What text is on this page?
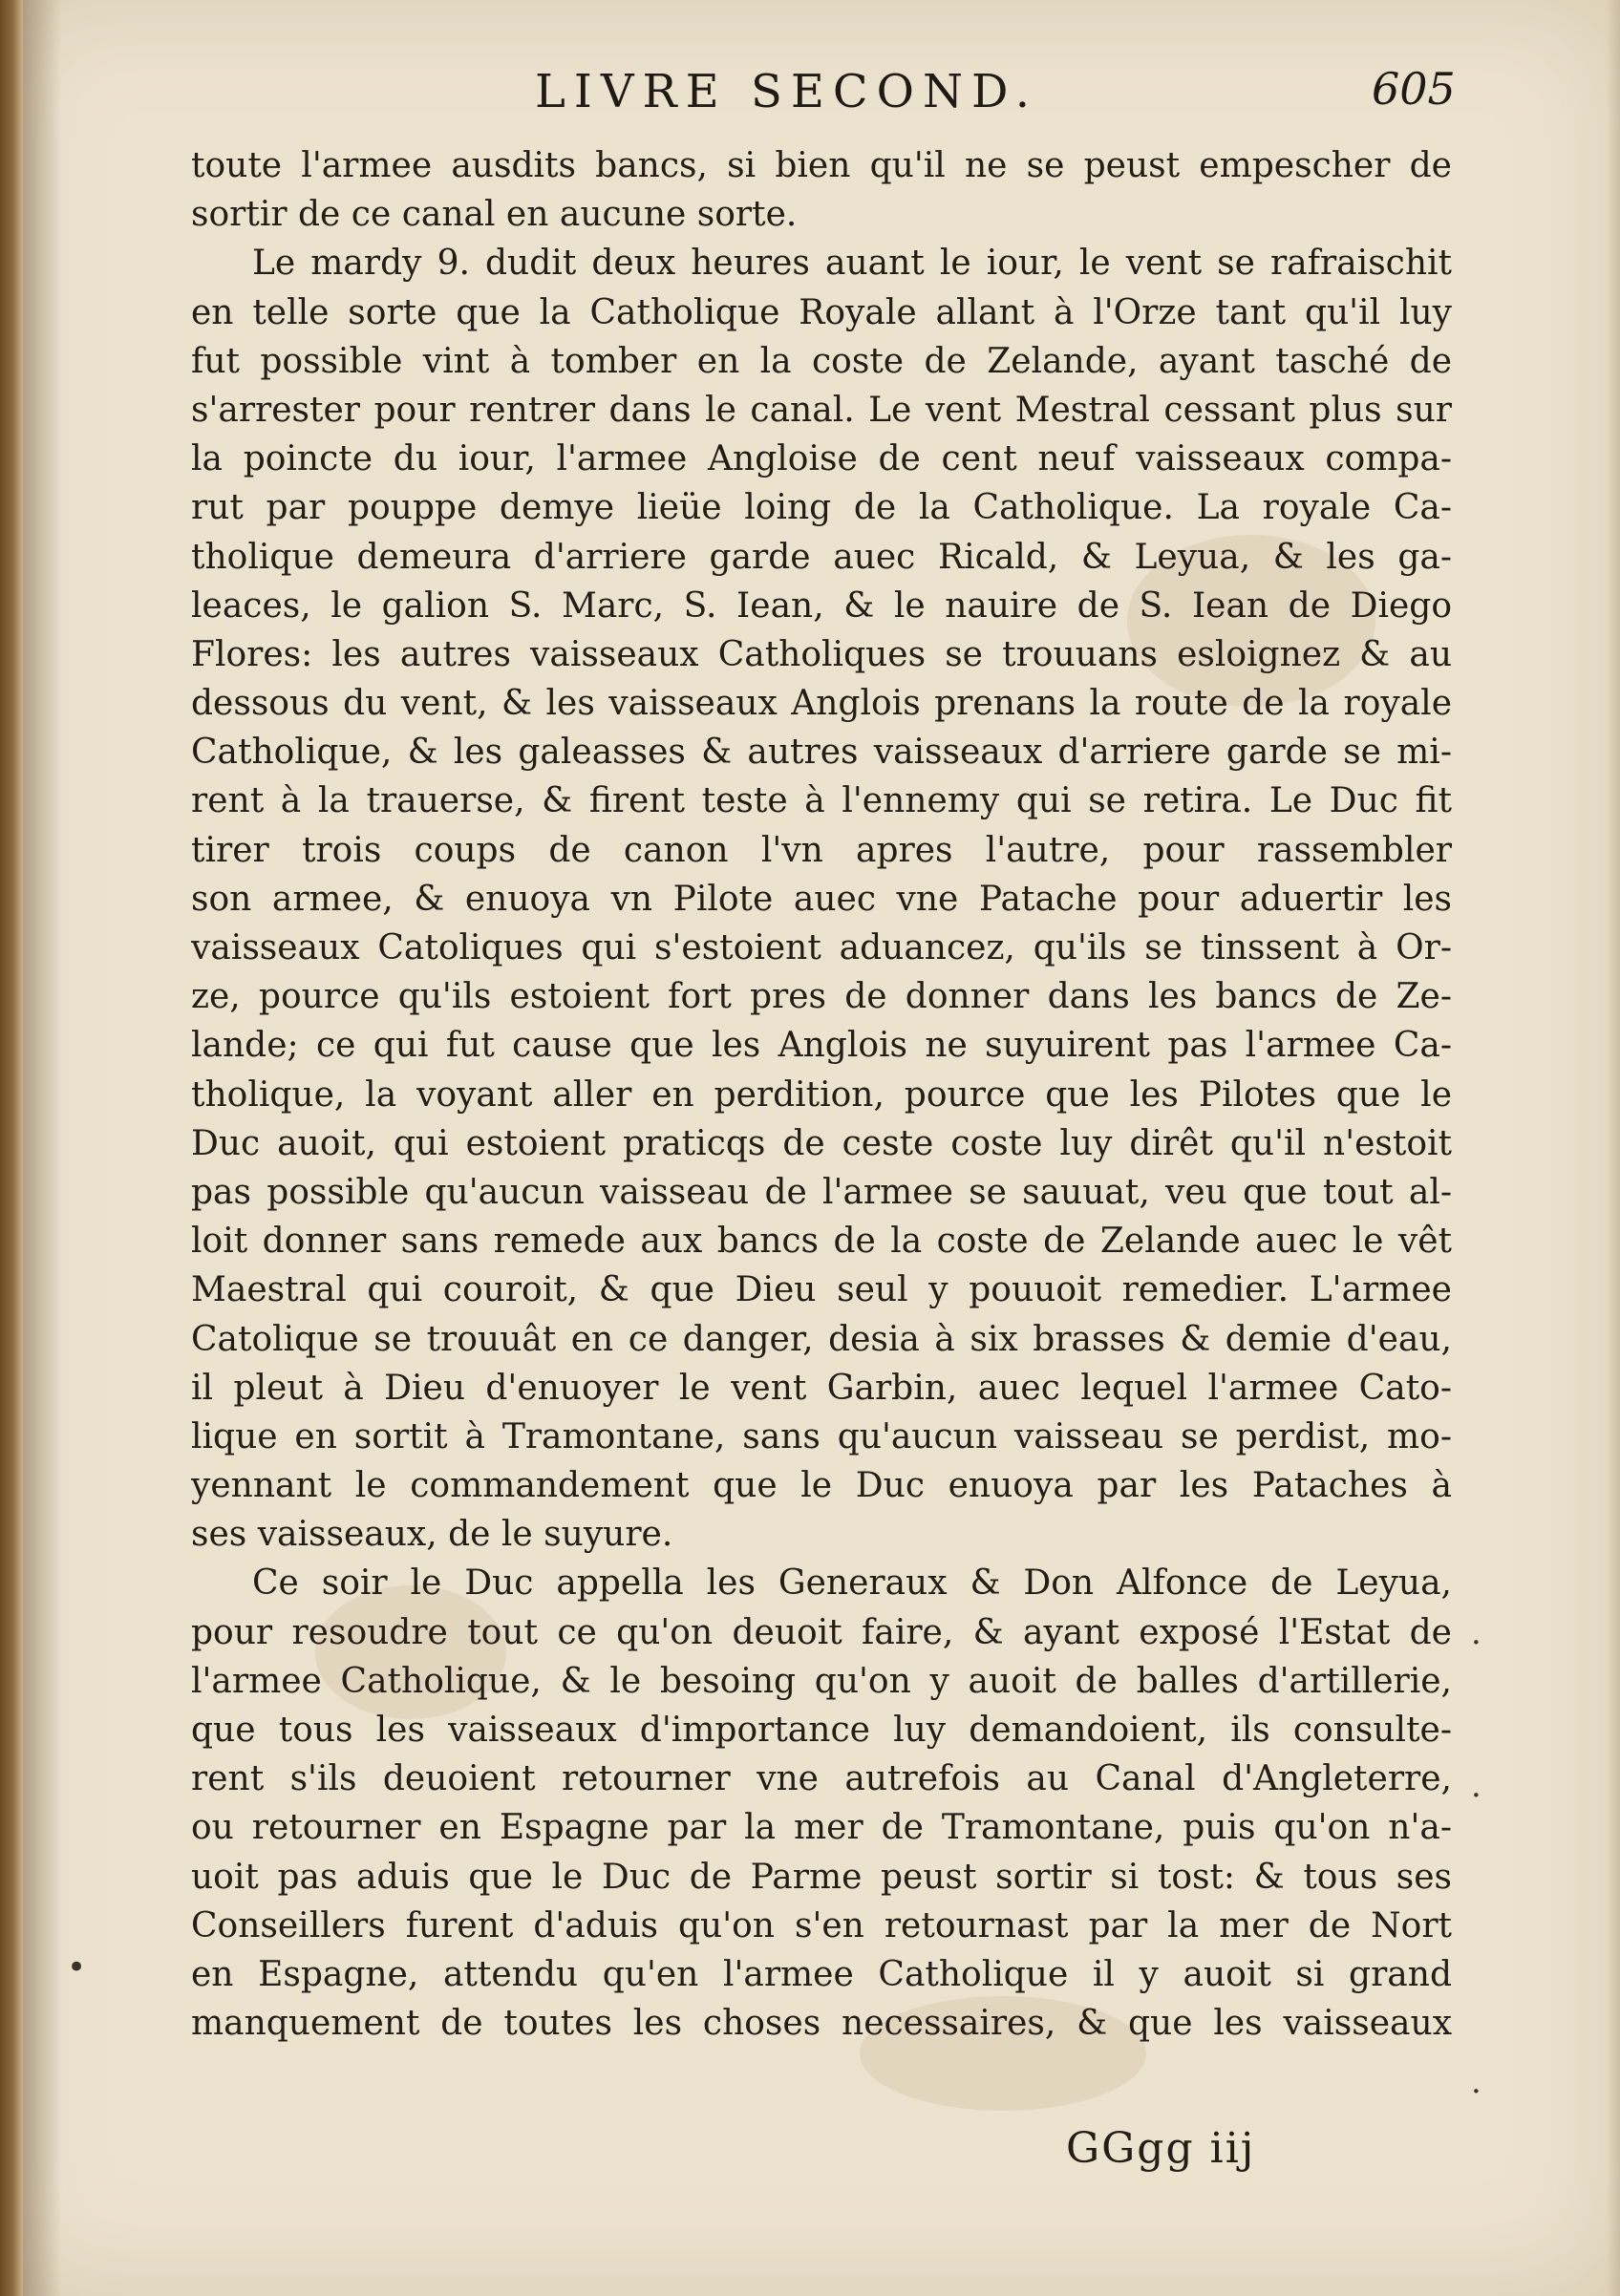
LIVRE SECOND.	605
toute l'armee ausdits bancs, si bien qu'il ne se peust empescher de
sortir de ce canal en aucune sorte.
Le mardy 9. dudit deux heures auant le iour, le vent se rafraischit
en telle sorte que la Catholique Royale allant à l'Orze tant qu'il luy
fut possible vint à tomber en la coste de Zelande, ayant tasché de
s'arrester pour rentrer dans le canal. Le vent Mestral cessant plus sur
la poincte du iour, l'armee Angloise de cent neuf vaisseaux compa-
rut par pouppe demye lieüe loing de la Catholique. La royale Ca-
tholique demeura d'arriere garde auec Ricald, & Leyua, & les ga-
leaces, le galion S. Marc, S. Iean, & le nauire de S. Iean de Diego
Flores: les autres vaisseaux Catholiques se trouuans esloignez & au
dessous du vent, & les vaisseaux Anglois prenans la route de la royale
Catholique, & les galeasses & autres vaisseaux d'arriere garde se mi-
rent à la trauerse, & firent teste à l'ennemy qui se retira. Le Duc fit
tirer trois coups de canon l'vn apres l'autre, pour rassembler
son armee, & enuoya vn Pilote auec vne Patache pour aduertir les
vaisseaux Catoliques qui s'estoient aduancez, qu'ils se tinssent à Or-
ze, pource qu'ils estoient fort pres de donner dans les bancs de Ze-
lande; ce qui fut cause que les Anglois ne suyuirent pas l'armee Ca-
tholique, la voyant aller en perdition, pource que les Pilotes que le
Duc auoit, qui estoient praticqs de ceste coste luy dirêt qu'il n'estoit
pas possible qu'aucun vaisseau de l'armee se sauuat, veu que tout al-
loit donner sans remede aux bancs de la coste de Zelande auec le vêt
Maestral qui couroit, & que Dieu seul y pouuoit remedier. L'armee
Catolique se trouuât en ce danger, desia à six brasses & demie d'eau,
il pleut à Dieu d'enuoyer le vent Garbin, auec lequel l'armee Cato-
lique en sortit à Tramontane, sans qu'aucun vaisseau se perdist, mo-
yennant le commandement que le Duc enuoya par les Pataches à
ses vaisseaux, de le suyure.
Ce soir le Duc appella les Generaux & Don Alfonce de Leyua,
pour resoudre tout ce qu'on deuoit faire, & ayant exposé l'Estat de
l'armee Catholique, & le besoing qu'on y auoit de balles d'artillerie,
que tous les vaisseaux d'importance luy demandoient, ils consulte-
rent s'ils deuoient retourner vne autrefois au Canal d'Angleterre,
ou retourner en Espagne par la mer de Tramontane, puis qu'on n'a-
uoit pas aduis que le Duc de Parme peust sortir si tost: & tous ses
Conseillers furent d'aduis qu'on s'en retournast par la mer de Nort
en Espagne, attendu qu'en l'armee Catholique il y auoit si grand
manquement de toutes les choses necessaires, & que les vaisseaux
GGgg iij
•
·
·
·
